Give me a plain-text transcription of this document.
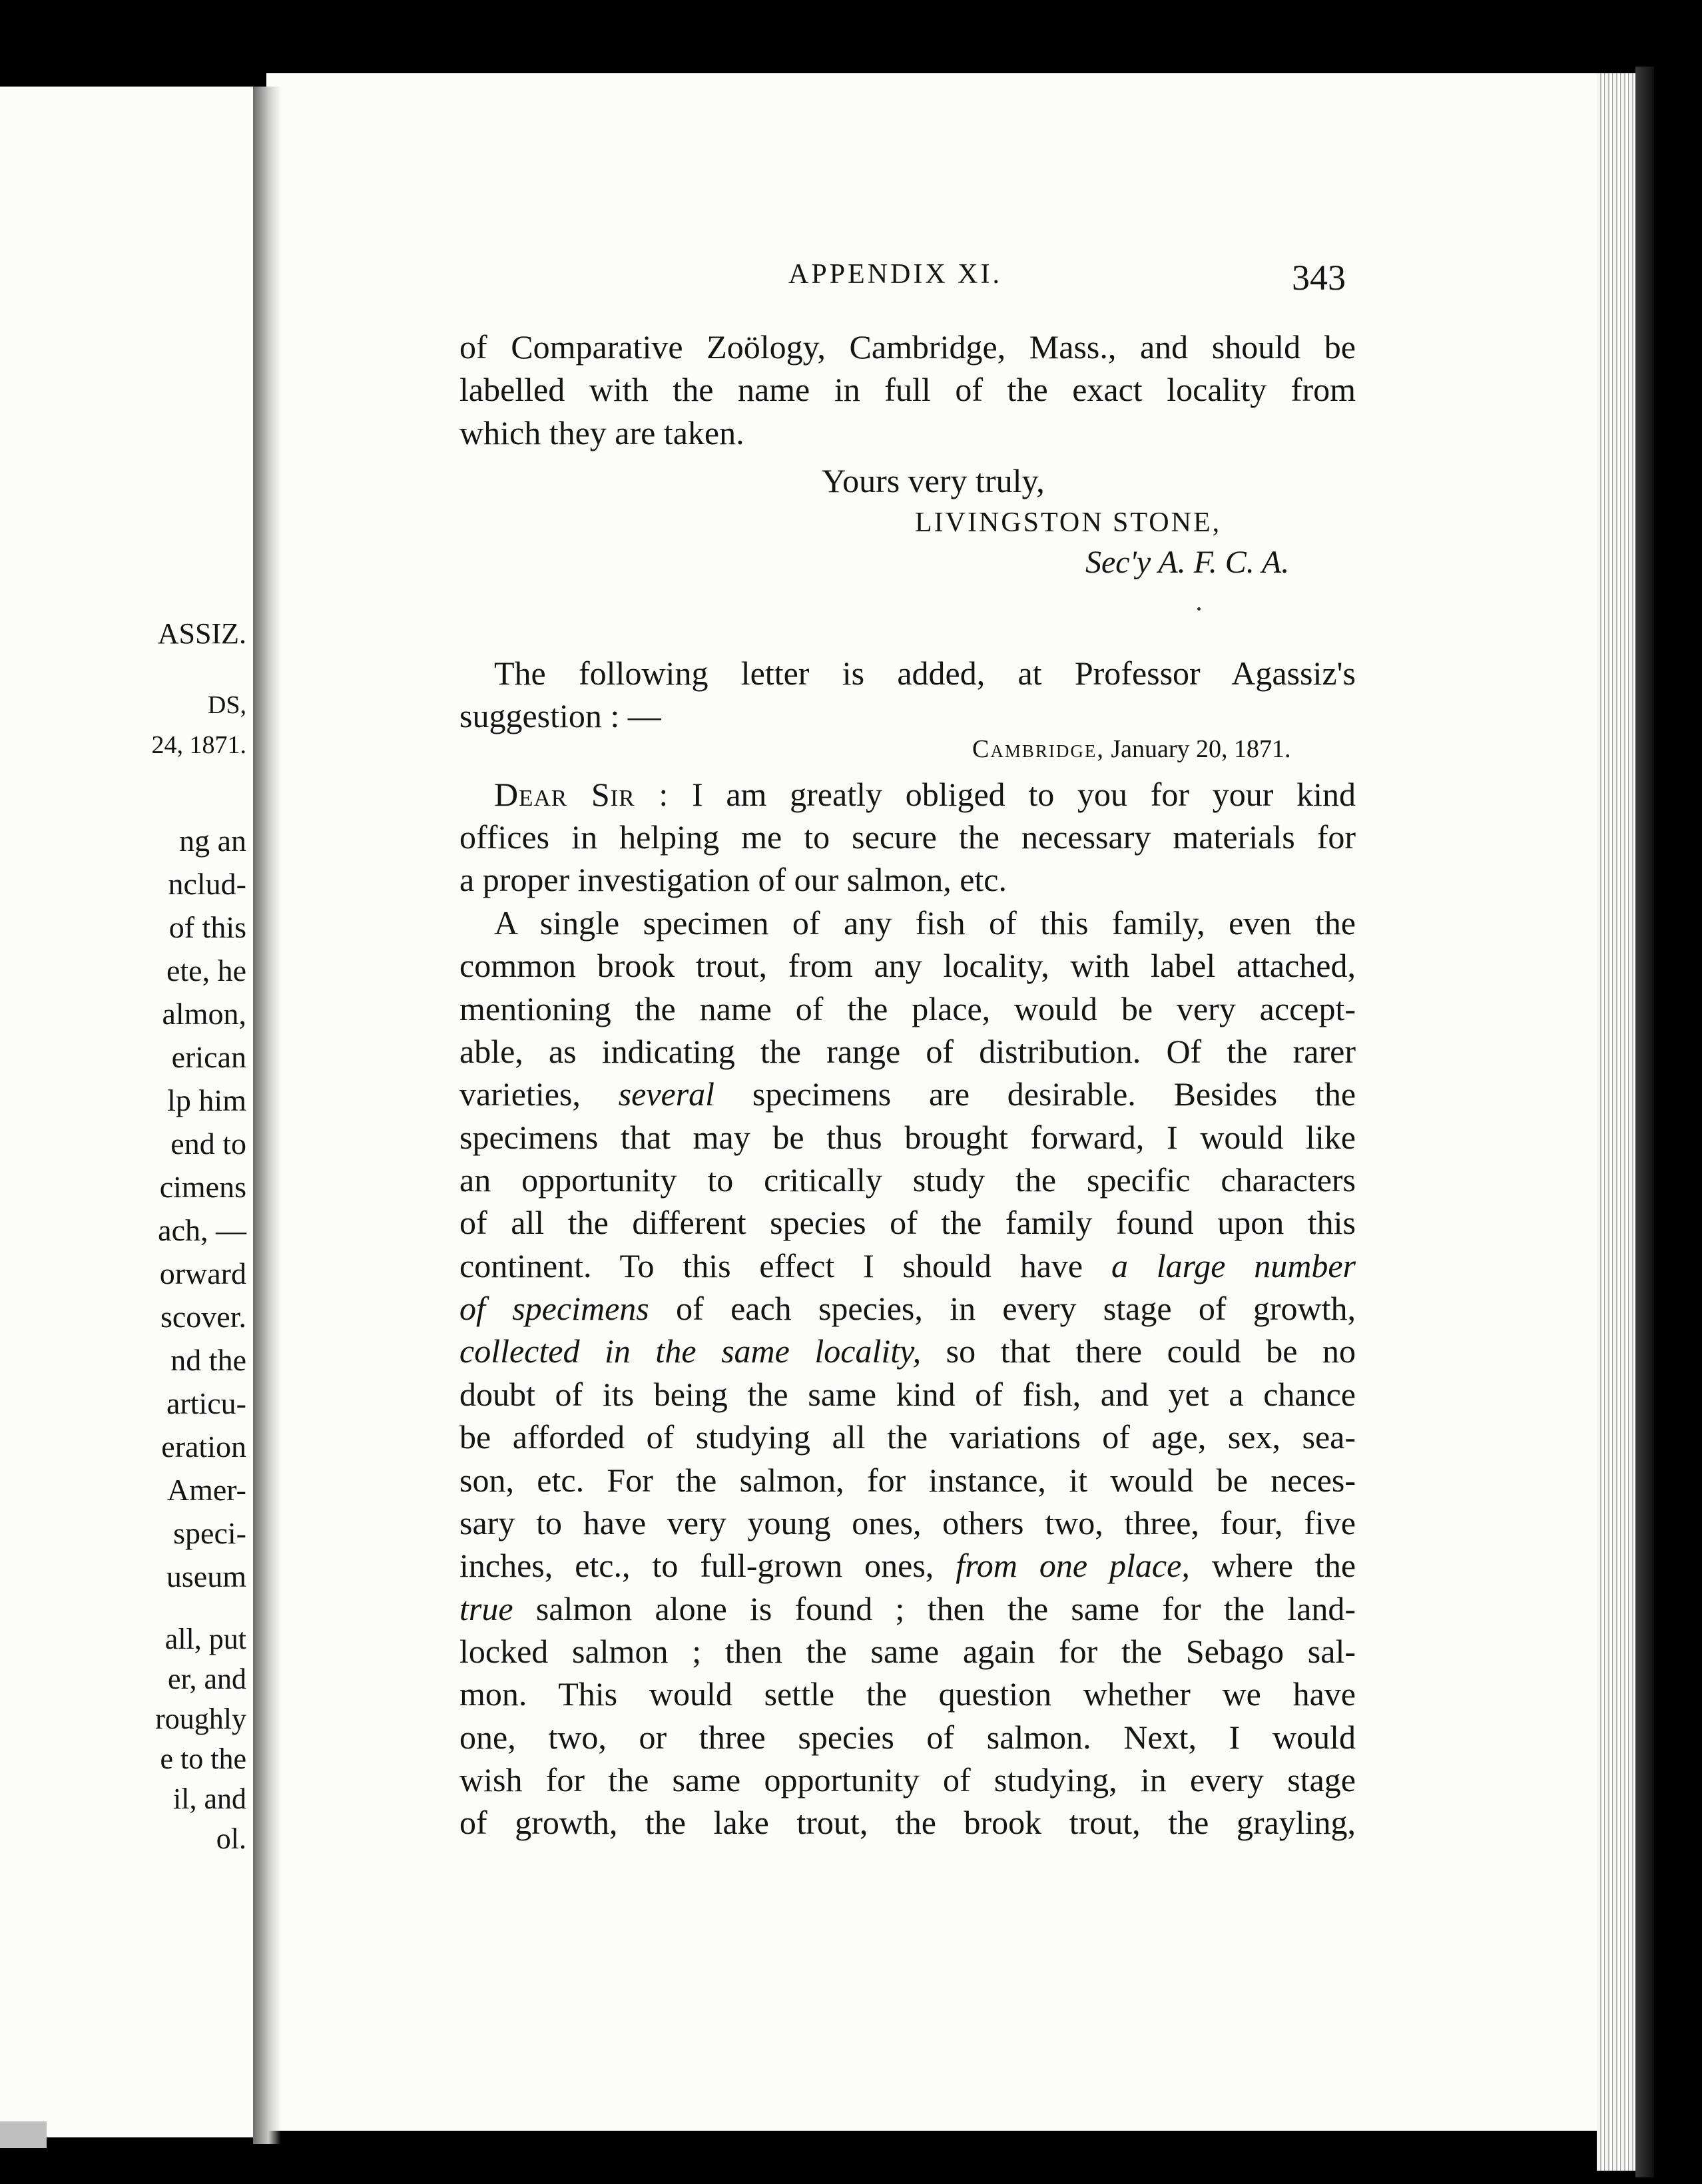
ASSIZ.
DS,
24, 1871.
ng an
nclud-
of this
ete, he
almon,
erican
lp him
end to
cimens
ach, —
orward
scover.
nd the
articu-
eration
Amer-
speci-
useum
all, put
er, and
roughly
e to the
il, and
ol.
APPENDIX XI.	343
of Comparative Zoölogy, Cambridge, Mass., and should be
labelled with the name in full of the exact locality from
which they are taken.
Yours very truly,
LIVINGSTON STONE,
Sec'y A. F. C. A.
The following letter is added, at Professor Agassiz's
suggestion : —
Cambridge, January 20, 1871.
Dear Sir : I am greatly obliged to you for your kind
offices in helping me to secure the necessary materials for
a proper investigation of our salmon, etc.
A single specimen of any fish of this family, even the
common brook trout, from any locality, with label attached,
mentioning the name of the place, would be very accept-
able, as indicating the range of distribution. Of the rarer
varieties, several specimens are desirable. Besides the
specimens that may be thus brought forward, I would like
an opportunity to critically study the specific characters
of all the different species of the family found upon this
continent. To this effect I should have a large number
of specimens of each species, in every stage of growth,
collected in the same locality, so that there could be no
doubt of its being the same kind of fish, and yet a chance
be afforded of studying all the variations of age, sex, sea-
son, etc. For the salmon, for instance, it would be neces-
sary to have very young ones, others two, three, four, five
inches, etc., to full-grown ones, from one place, where the
true salmon alone is found ; then the same for the land-
locked salmon ; then the same again for the Sebago sal-
mon. This would settle the question whether we have
one, two, or three species of salmon. Next, I would
wish for the same opportunity of studying, in every stage
of growth, the lake trout, the brook trout, the grayling,
